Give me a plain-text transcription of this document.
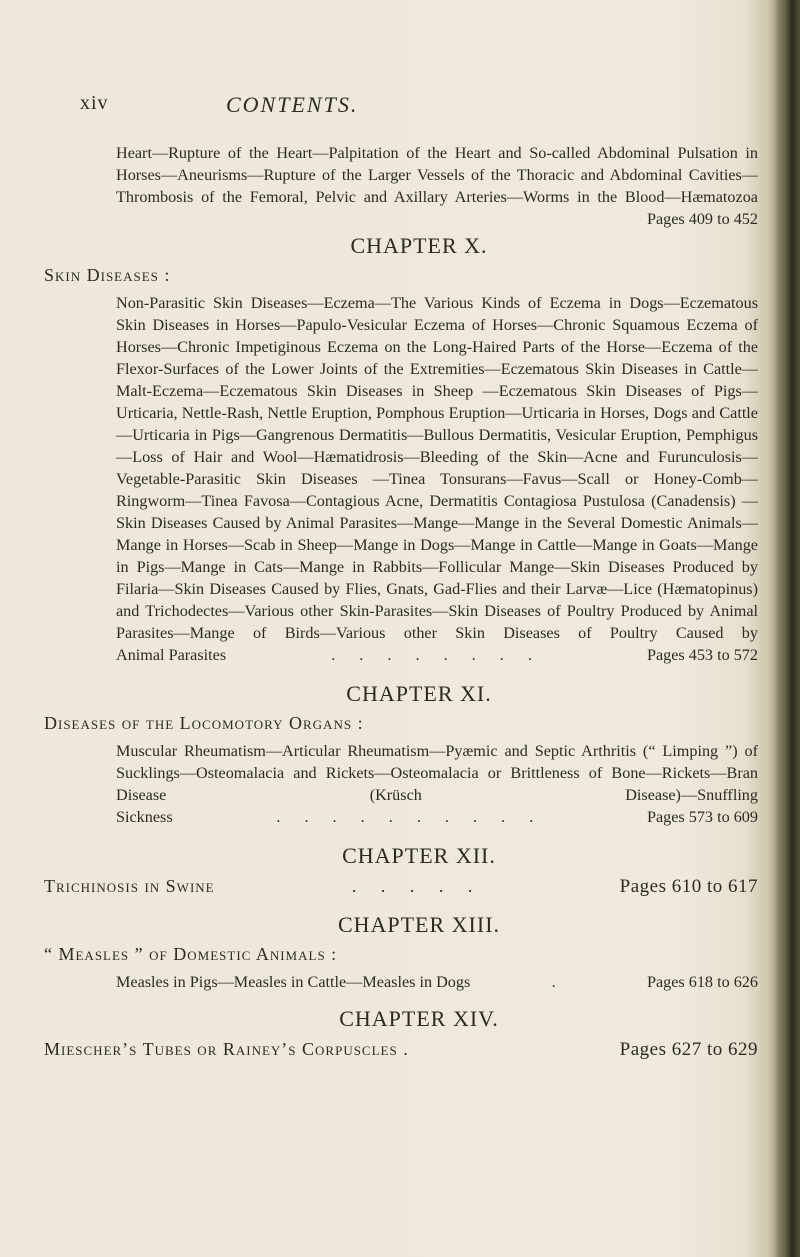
xiv	CONTENTS.

Heart—Rupture of the Heart—Palpitation of the Heart and So-called Abdominal Pulsation in Horses—Aneurisms—Rupture of the Larger Vessels of the Thoracic and Abdominal Cavities—Thrombosis of the Femoral, Pelvic and Axillary Arteries—Worms in the Blood—Hæmatozoa

Pages 409 to 452
CHAPTER X.
Skin Diseases :

Non-Parasitic Skin Diseases—Eczema—The Various Kinds of Eczema in Dogs—Eczematous Skin Diseases in Horses—Papulo-Vesicular Eczema of Horses—Chronic Squamous Eczema of Horses—Chronic Impetiginous Eczema on the Long-Haired Parts of the Horse—Eczema of the Flexor-Surfaces of the Lower Joints of the Extremities—Eczematous Skin Diseases in Cattle—Malt-Eczema—Eczematous Skin Diseases in Sheep —Eczematous Skin Diseases of Pigs—Urticaria, Nettle-Rash, Nettle Eruption, Pomphous Eruption—Urticaria in Horses, Dogs and Cattle—Urticaria in Pigs—Gangrenous Dermatitis—Bullous Dermatitis, Vesicular Eruption, Pemphigus—Loss of Hair and Wool—Hæmatidrosis—Bleeding of the Skin—Acne and Furunculosis—Vegetable-Parasitic Skin Diseases —Tinea Tonsurans—Favus—Scall or Honey-Comb—Ringworm—Tinea Favosa—Contagious Acne, Dermatitis Contagiosa Pustulosa (Canadensis) —Skin Diseases Caused by Animal Parasites—Mange—Mange in the Several Domestic Animals—Mange in Horses—Scab in Sheep—Mange in Dogs—Mange in Cattle—Mange in Goats—Mange in Pigs—Mange in Cats—Mange in Rabbits—Follicular Mange—Skin Diseases Produced by Filaria—Skin Diseases Caused by Flies, Gnats, Gad-Flies and their Larvæ—Lice (Hæmatopinus) and Trichodectes—Various other Skin-Parasites—Skin Diseases of Poultry Produced by Animal Parasites—Mange of Birds—Various other Skin Diseases of Poultry Caused by

Animal Parasites	. . . . . . . .	Pages 453 to 572
CHAPTER XI.
Diseases of the Locomotory Organs :

Muscular Rheumatism—Articular Rheumatism—Pyæmic and Septic Arthritis (“ Limping ”) of Sucklings—Osteomalacia and Rickets—Osteomalacia or Brittleness of Bone—Rickets—Bran Disease (Krüsch Disease)—Snuffling

Sickness	. . . . . . . . . .	Pages 573 to 609
CHAPTER XII.
Trichinosis in Swine	. . . . .	Pages 610 to 617
CHAPTER XIII.
“ Measles ” of Domestic Animals :
Measles in Pigs—Measles in Cattle—Measles in Dogs	.	Pages 618 to 626
CHAPTER XIV.
Miescher’s Tubes or Rainey’s Corpuscles .	Pages 627 to 629
